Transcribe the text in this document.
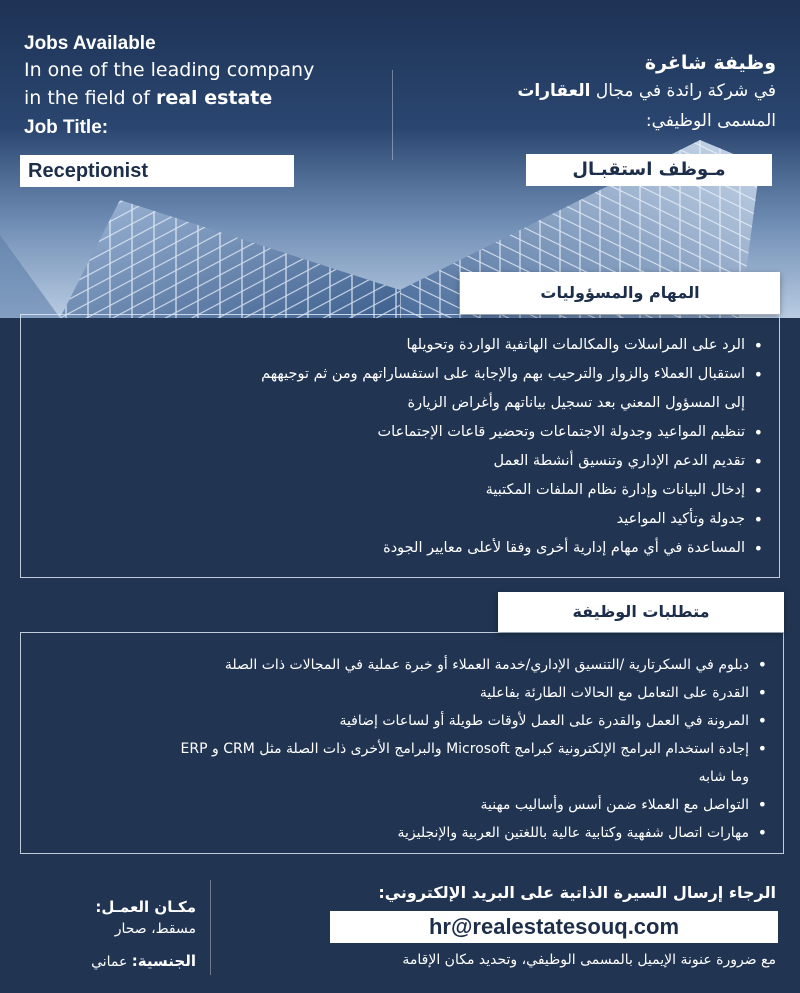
Jobs Available
In one of the leading company
in the field of real estate
Job Title:
Receptionist
وظيفة شاغرة
في شركة رائدة في مجال العقارات
المسمى الوظيفي:
مـوظف استقبـال
• الرد على المراسلات والمكالمات الهاتفية الواردة وتحويلها
• استقبال العملاء والزوار والترحيب بهم والإجابة على استفساراتهم ومن ثم توجيههم
إلى المسؤول المعني بعد تسجيل بياناتهم وأغراض الزيارة
• تنظيم المواعيد وجدولة الاجتماعات وتحضير قاعات الإجتماعات
• تقديم الدعم الإداري وتنسيق أنشطة العمل
• إدخال البيانات وإدارة نظام الملفات المكتبية
• جدولة وتأكيد المواعيد
• المساعدة في أي مهام إدارية أخرى وفقا لأعلى معايير الجودة
المهام والمسؤوليات
• دبلوم في السكرتارية /التنسيق الإداري/خدمة العملاء أو خبرة عملية في المجالات ذات الصلة
• القدرة على التعامل مع الحالات الطارئة بفاعلية
• المرونة في العمل والقدرة على العمل لأوقات طويلة أو لساعات إضافية
• إجادة استخدام البرامج الإلكترونية كبرامج Microsoft والبرامج الأخرى ذات الصلة مثل CRM و ERP
وما شابه
• التواصل مع العملاء ضمن أسس وأساليب مهنية
• مهارات اتصال شفهية وكتابية عالية باللغتين العربية والإنجليزية
متطلبات الوظيفة
مكـان العمـل:
مسقط، صحار
الجنسية: عماني
الرجاء إرسال السيرة الذاتية على البريد الإلكتروني:
hr@realestatesouq.com
مع ضرورة عنونة الإيميل بالمسمى الوظيفي، وتحديد مكان الإقامة
